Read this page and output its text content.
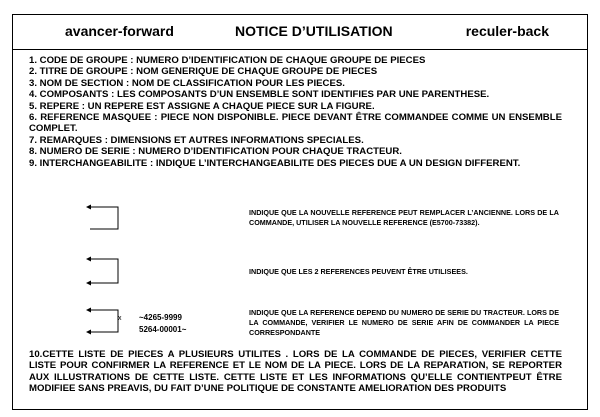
avancer-forward	NOTICE D’UTILISATION	reculer-back
1. CODE DE GROUPE : NUMERO D’IDENTIFICATION DE CHAQUE GROUPE DE PIECES
2. TITRE DE GROUPE : NOM GENERIQUE DE CHAQUE GROUPE DE PIECES
3. NOM DE SECTION : NOM DE CLASSIFICATION POUR LES PIECES.
4. COMPOSANTS : LES COMPOSANTS D’UN ENSEMBLE SONT IDENTIFIES PAR UNE PARENTHESE.
5. REPERE : UN REPERE EST ASSIGNE A CHAQUE PIECE SUR LA FIGURE.
6. REFERENCE MASQUEE : PIECE NON DISPONIBLE. PIECE DEVANT ÊTRE COMMANDEE COMME UN ENSEMBLE COMPLET.
7. REMARQUES : DIMENSIONS ET AUTRES INFORMATIONS SPECIALES.
8. NUMERO DE SERIE : NUMERO D’IDENTIFICATION POUR CHAQUE TRACTEUR.
9. INTERCHANGEABILITE : INDIQUE L’INTERCHANGEABILITE DES PIECES DUE A UN DESIGN DIFFERENT.
INDIQUE QUE LA NOUVELLE REFERENCE PEUT REMPLACER L’ANCIENNE. LORS DE LA COMMANDE, UTILISER LA NOUVELLE REFERENCE (E5700-73382).
INDIQUE QUE LES 2 REFERENCES PEUVENT ÊTRE UTILISEES.
x ~4265-9999
5264-00001~
INDIQUE QUE LA REFERENCE DEPEND DU NUMERO DE SERIE DU TRACTEUR. LORS DE LA COMMANDE, VERIFIER LE NUMERO DE SERIE AFIN DE COMMANDER LA PIECE CORRESPONDANTE
10.CETTE LISTE DE PIECES A PLUSIEURS UTILITES . LORS DE LA COMMANDE DE PIECES, VERIFIER CETTE LISTE POUR CONFIRMER LA REFERENCE ET LE NOM DE LA PIECE. LORS DE LA REPARATION, SE REPORTER AUX ILLUSTRATIONS DE CETTE LISTE. CETTE LISTE ET LES INFORMATIONS QU’ELLE CONTIENTPEUT ÊTRE MODIFIEE SANS PREAVIS, DU FAIT D’UNE POLITIQUE DE CONSTANTE AMELIORATION DES PRODUITS
